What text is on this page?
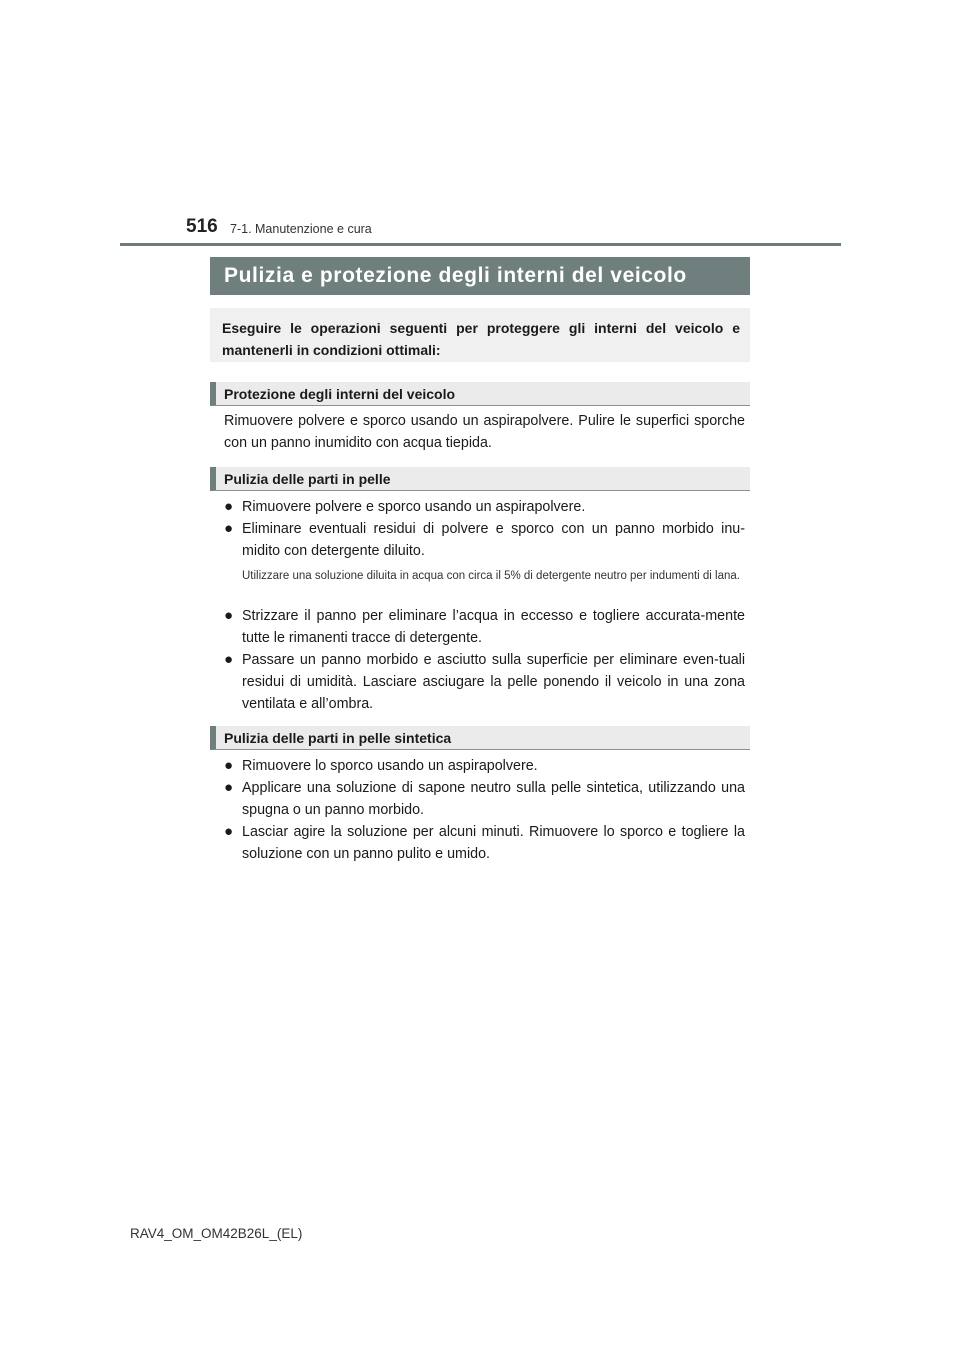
516 7-1. Manutenzione e cura
Pulizia e protezione degli interni del veicolo
Eseguire le operazioni seguenti per proteggere gli interni del veicolo e mantenerli in condizioni ottimali:
Protezione degli interni del veicolo
Rimuovere polvere e sporco usando un aspirapolvere. Pulire le superfici sporche con un panno inumidito con acqua tiepida.
Pulizia delle parti in pelle
● Rimuovere polvere e sporco usando un aspirapolvere.
● Eliminare eventuali residui di polvere e sporco con un panno morbido inu-midito con detergente diluito.
Utilizzare una soluzione diluita in acqua con circa il 5% di detergente neutro per indumenti di lana.
● Strizzare il panno per eliminare l’acqua in eccesso e togliere accurata-mente tutte le rimanenti tracce di detergente.
● Passare un panno morbido e asciutto sulla superficie per eliminare even-tuali residui di umidità. Lasciare asciugare la pelle ponendo il veicolo in una zona ventilata e all’ombra.
Pulizia delle parti in pelle sintetica
● Rimuovere lo sporco usando un aspirapolvere.
● Applicare una soluzione di sapone neutro sulla pelle sintetica, utilizzando una spugna o un panno morbido.
● Lasciar agire la soluzione per alcuni minuti. Rimuovere lo sporco e togliere la soluzione con un panno pulito e umido.
RAV4_OM_OM42B26L_(EL)
